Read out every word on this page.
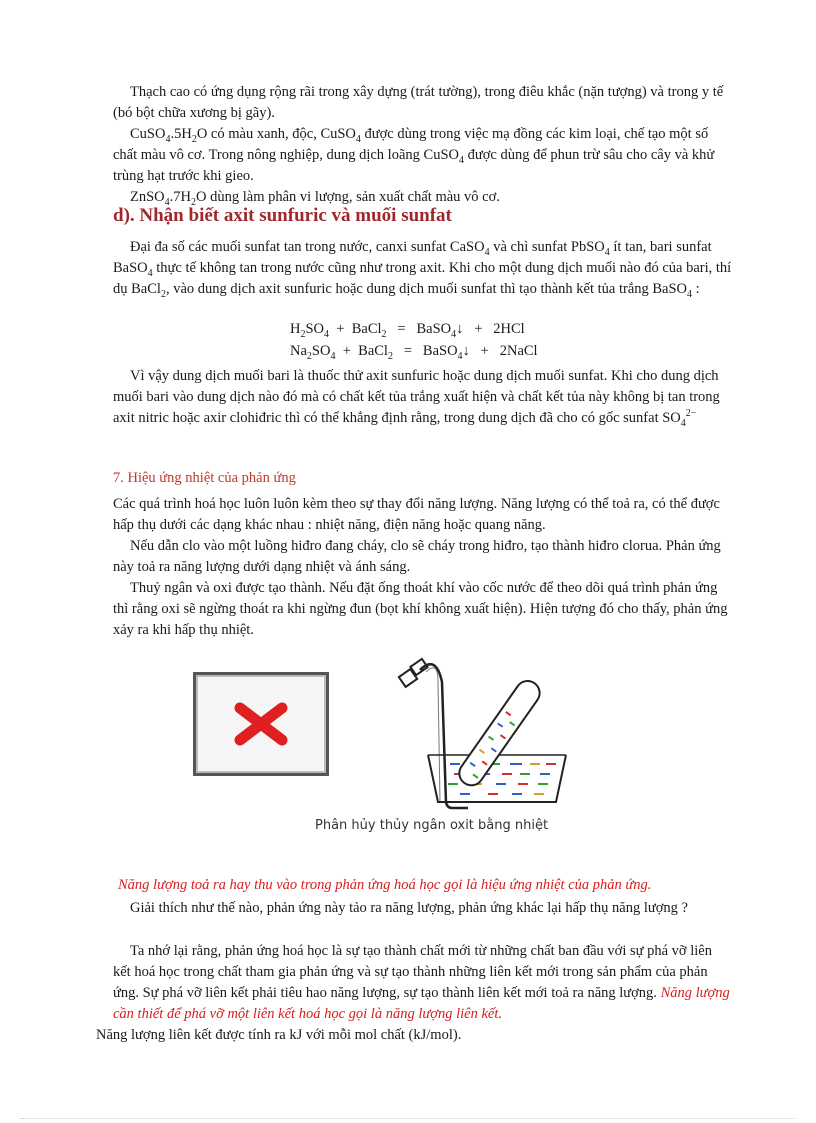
Thạch cao có ứng dụng rộng rãi trong xây dựng (trát tường), trong điêu khắc (nặn tượng) và trong y tế (bó bột chữa xương bị gãy).
$CuSO_4.5H_2O$ có màu xanh, độc, CuSO$_4$ được dùng trong việc mạ đồng các kim loại, chế tạo một số chất màu vô cơ. Trong nông nghiệp, dung dịch loãng CuSO$_4$ được dùng để phun trừ sâu cho cây và khử trùng hạt trước khi gieo.
$ZnSO_4.7H_2O$ dùng làm phân vi lượng, sản xuất chất màu vô cơ.
d). Nhận biết axit sunfuric và muối sunfat
Đại đa số các muối sunfat tan trong nước, canxi sunfat CaSO$_4$ và chì sunfat PbSO$_4$ ít tan, bari sunfat BaSO$_4$ thực tế không tan trong nước cũng như trong axit. Khi cho một dung dịch muối nào đó của bari, thí dụ BaCl$_2$, vào dung dịch axit sunfuric hoặc dung dịch muối sunfat thì tạo thành kết tủa trắng BaSO$_4$ :
$H_2SO_4$  +  BaCl$_2$   =   BaSO$_4$↓   +   2HCl
$Na_2SO_4$  +  BaCl$_2$   =   BaSO$_4$↓   +   2NaCl
Vì vậy dung dịch muối bari là thuốc thử axit sunfuric hoặc dung dịch muối sunfat. Khi cho dung dịch muối bari vào dung dịch nào đó mà có chất kết tủa trắng xuất hiện và chất kết tủa này không bị tan trong axit nitric hoặc axir clohiđric thì có thể khẳng định rằng, trong dung dịch đã cho có gốc sunfat $SO_4^{2-}$
7. Hiệu ứng nhiệt của phản ứng
Các quá trình hoá học luôn luôn kèm theo sự thay đổi năng lượng. Năng lượng có thể toả ra, có thể được hấp thụ dưới các dạng khác nhau : nhiệt năng, điện năng hoặc quang năng.
Nếu dẫn clo vào một luồng hiđro đang cháy, clo sẽ cháy trong hiđro, tạo thành hiđro clorua. Phản ứng này toả ra năng lượng dưới dạng nhiệt và ánh sáng.
Thuỷ ngân và oxi được tạo thành. Nếu đặt ống thoát khí vào cốc nước để theo dõi quá trình phản ứng thì rằng oxi sẽ ngừng thoát ra khi ngừng đun (bọt khí không xuất hiện). Hiện tượng đó cho thấy, phản ứng xảy ra khi hấp thụ nhiệt.
Phân hủy thủy ngân oxit bằng nhiệt
Năng lượng toả ra hay thu vào trong phản ứng hoá học gọi là hiệu ứng nhiệt của phản ứng.
Giải thích như thế nào, phản ứng này tảo ra năng lượng, phản ứng khác lại hấp thụ năng lượng ?
Ta nhớ lại rằng, phản ứng hoá học là sự tạo thành chất mới từ những chất ban đầu với sự phá vỡ liên kết hoá học trong chất tham gia phản ứng và sự tạo thành những liên kết mới trong sản phẩm của phản ứng. Sự phá vỡ liên kết phải tiêu hao năng lượng, sự tạo thành liên kết mới toả ra năng lượng. Năng lượng cần thiết để phá vỡ một liên kết hoá học gọi là năng lượng liên kết.
Năng lượng liên kết được tính ra kJ với mỗi mol chất (kJ/mol).
